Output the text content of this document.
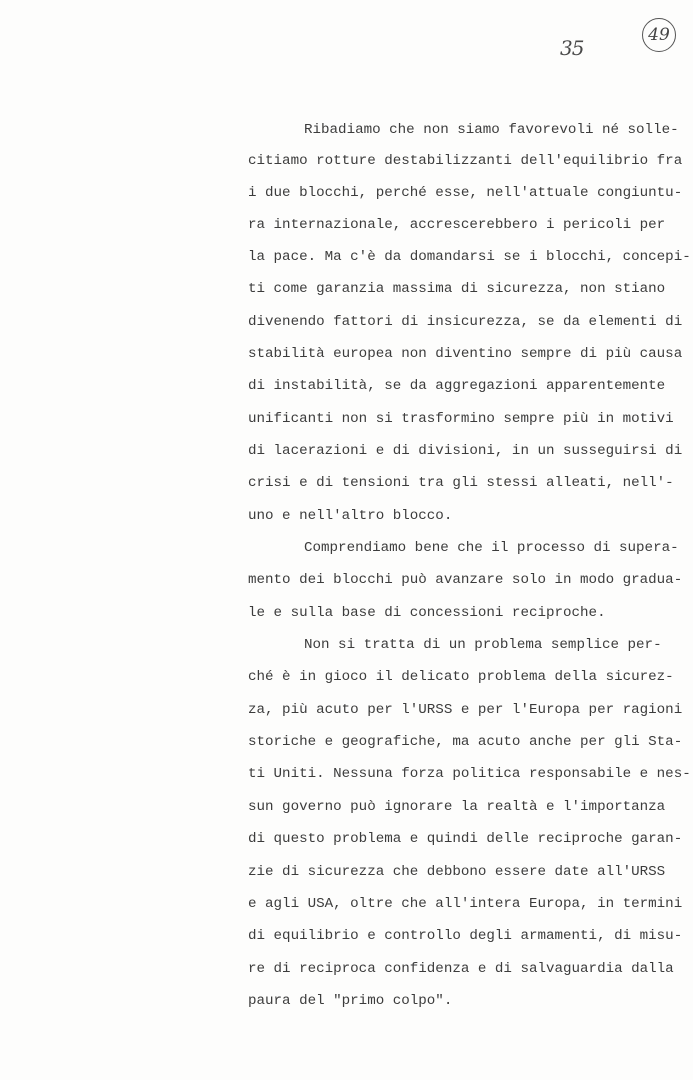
35
49
Ribadiamo che non siamo favorevoli né solle-
citiamo rotture destabilizzanti dell'equilibrio fra
i due blocchi, perché esse, nell'attuale congiuntu-
ra internazionale, accrescerebbero i pericoli per
la pace. Ma c'è da domandarsi se i blocchi, concepi-
ti come garanzia massima di sicurezza, non stiano
divenendo fattori di insicurezza, se da elementi di
stabilità europea non diventino sempre di più causa
di instabilità, se da aggregazioni apparentemente
unificanti non si trasformino sempre più in motivi
di lacerazioni e di divisioni, in un susseguirsi di
crisi e di tensioni tra gli stessi alleati, nell'-
uno e nell'altro blocco.
Comprendiamo bene che il processo di supera-
mento dei blocchi può avanzare solo in modo gradua-
le e sulla base di concessioni reciproche.
Non si tratta di un problema semplice per-
ché è in gioco il delicato problema della sicurez-
za, più acuto per l'URSS e per l'Europa per ragioni
storiche e geografiche, ma acuto anche per gli Sta-
ti Uniti. Nessuna forza politica responsabile e nes-
sun governo può ignorare la realtà e l'importanza
di questo problema e quindi delle reciproche garan-
zie di sicurezza che debbono essere date all'URSS
e agli USA, oltre che all'intera Europa, in termini
di equilibrio e controllo degli armamenti, di misu-
re di reciproca confidenza e di salvaguardia dalla
paura del "primo colpo".
